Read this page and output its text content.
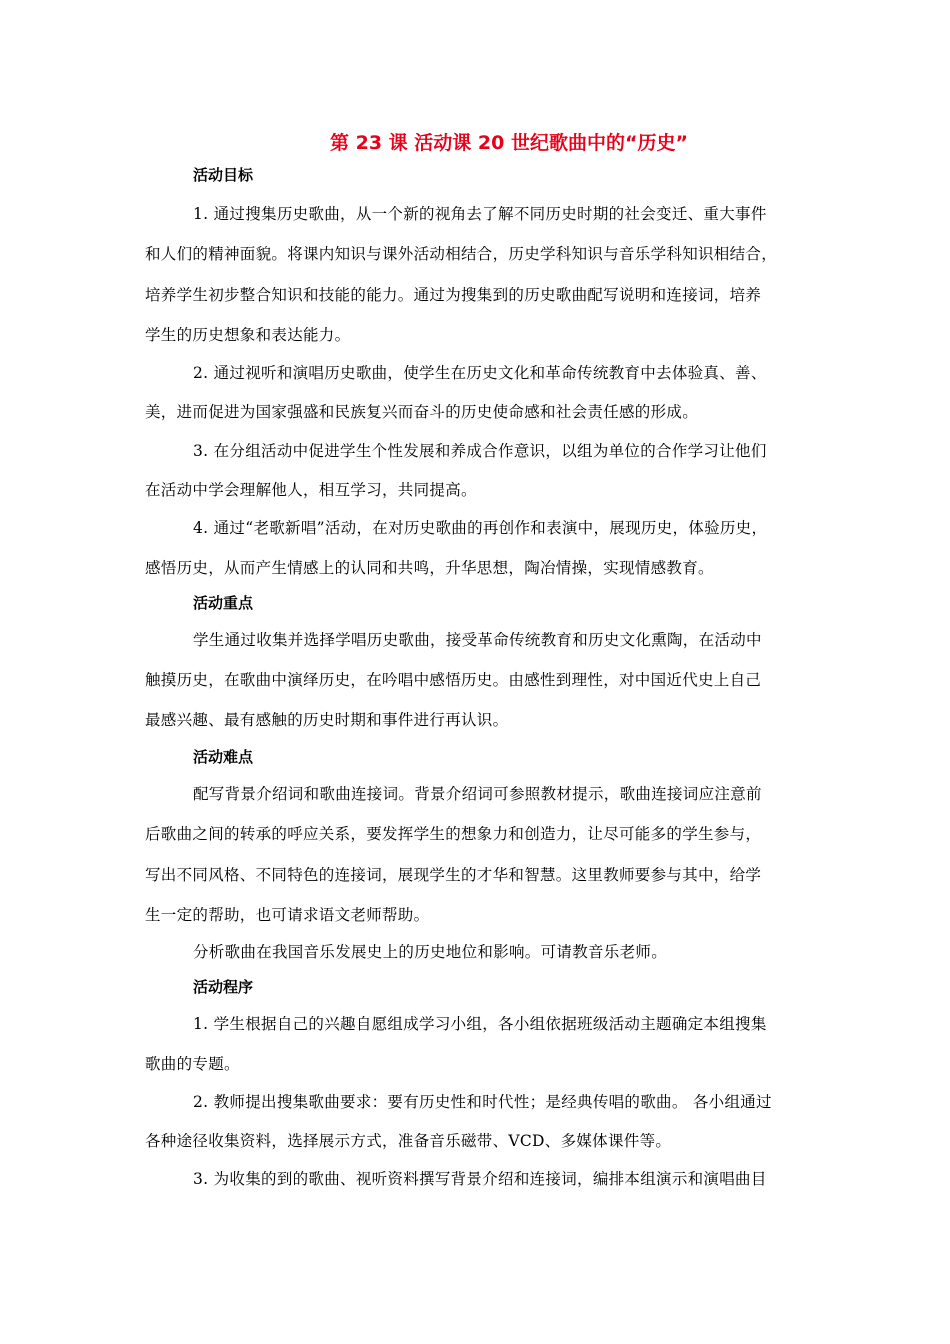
第 23 课 活动课 20 世纪歌曲中的“历史”
活动目标
1. 通过搜集历史歌曲，从一个新的视角去了解不同历史时期的社会变迁、重大事件
和人们的精神面貌。将课内知识与课外活动相结合，历史学科知识与音乐学科知识相结合，
培养学生初步整合知识和技能的能力。通过为搜集到的历史歌曲配写说明和连接词，培养
学生的历史想象和表达能力。
2. 通过视听和演唱历史歌曲，使学生在历史文化和革命传统教育中去体验真、善、
美，进而促进为国家强盛和民族复兴而奋斗的历史使命感和社会责任感的形成。
3. 在分组活动中促进学生个性发展和养成合作意识，以组为单位的合作学习让他们
在活动中学会理解他人，相互学习，共同提高。
4. 通过“老歌新唱”活动，在对历史歌曲的再创作和表演中，展现历史，体验历史，
感悟历史，从而产生情感上的认同和共鸣，升华思想，陶冶情操，实现情感教育。
活动重点
学生通过收集并选择学唱历史歌曲，接受革命传统教育和历史文化熏陶，在活动中
触摸历史，在歌曲中演绎历史，在吟唱中感悟历史。由感性到理性，对中国近代史上自己
最感兴趣、最有感触的历史时期和事件进行再认识。
活动难点
配写背景介绍词和歌曲连接词。背景介绍词可参照教材提示，歌曲连接词应注意前
后歌曲之间的转承的呼应关系，要发挥学生的想象力和创造力，让尽可能多的学生参与，
写出不同风格、不同特色的连接词，展现学生的才华和智慧。这里教师要参与其中，给学
生一定的帮助，也可请求语文老师帮助。
分析歌曲在我国音乐发展史上的历史地位和影响。可请教音乐老师。
活动程序
1. 学生根据自己的兴趣自愿组成学习小组，各小组依据班级活动主题确定本组搜集
歌曲的专题。
2. 教师提出搜集歌曲要求：要有历史性和时代性；是经典传唱的歌曲。 各小组通过
各种途径收集资料，选择展示方式，准备音乐磁带、VCD、多媒体课件等。
3. 为收集的到的歌曲、视听资料撰写背景介绍和连接词，编排本组演示和演唱曲目
